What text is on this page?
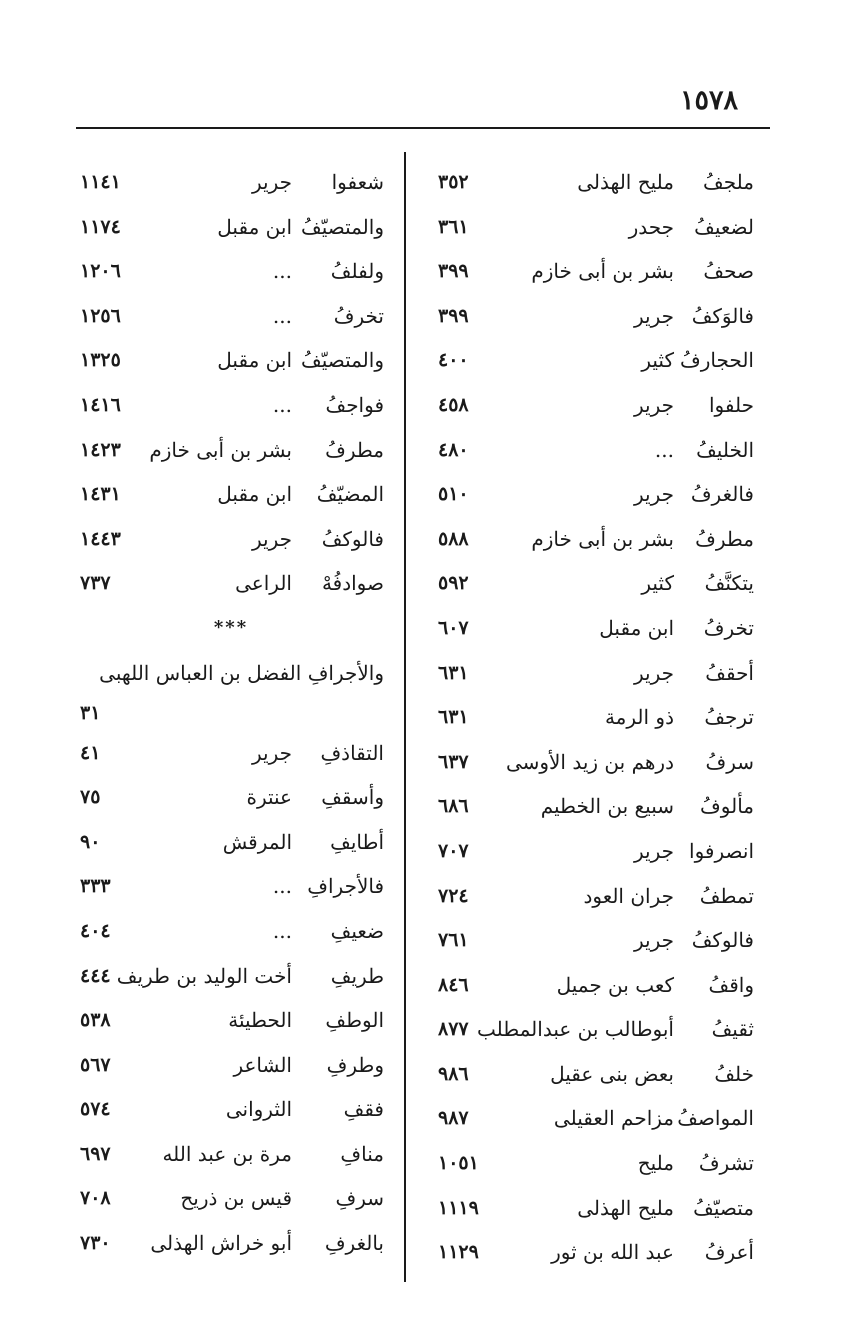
١٥٧٨
ملجفُ
مليح الهذلى
٣٥٢
لضعيفُ
جحدر
٣٦١
صحفُ
بشر بن أبى خازم
٣٩٩
فالوَكفُ
جرير
٣٩٩
الحجارفُ
كثير
٤٠٠
حلفوا
جرير
٤٥٨
الخليفُ
...
٤٨٠
فالغرفُ
جرير
٥١٠
مطرفُ
بشر بن أبى خازم
٥٨٨
يتكنَّفُ
كثير
٥٩٢
تخرفُ
ابن مقبل
٦٠٧
أحقفُ
جرير
٦٣١
ترجفُ
ذو الرمة
٦٣١
سرفُ
درهم بن زيد الأوسى
٦٣٧
مألوفُ
سبيع بن الخطيم
٦٨٦
انصرفوا
جرير
٧٠٧
تمطفُ
جران العود
٧٢٤
فالوكفُ
جرير
٧٦١
واقفُ
كعب بن جميل
٨٤٦
ثقيفُ
أبوطالب بن عبدالمطلب
٨٧٧
خلفُ
بعض بنى عقيل
٩٨٦
المواصفُ
مزاحم العقيلى
٩٨٧
تشرفُ
مليح
١٠٥١
متصيّفُ
مليح الهذلى
١١١٩
أعرفُ
عبد الله بن ثور
١١٢٩
شعفوا
جرير
١١٤١
والمتصيّفُ
ابن مقبل
١١٧٤
ولفلفُ
...
١٢٠٦
تخرفُ
...
١٢٥٦
والمتصيّفُ
ابن مقبل
١٣٢٥
فواجفُ
...
١٤١٦
مطرفُ
بشر بن أبى خازم
١٤٢٣
المضيّفُ
ابن مقبل
١٤٣١
فالوكفُ
جرير
١٤٤٣
صوادفُهْ
الراعى
٧٣٧
***
والأجرافِ الفضل بن العباس اللهبى
٣١
التقاذفِ
جرير
٤١
وأسقفِ
عنترة
٧٥
أطايفِ
المرقش
٩٠
فالأجرافِ
...
٣٣٣
ضعيفِ
...
٤٠٤
طريفِ
أخت الوليد بن طريف
٤٤٤
الوطفِ
الحطيئة
٥٣٨
وطرفِ
الشاعر
٥٦٧
فقفِ
الثروانى
٥٧٤
منافِ
مرة بن عبد الله
٦٩٧
سرفِ
قيس بن ذريح
٧٠٨
بالغرفِ
أبو خراش الهذلى
٧٣٠
